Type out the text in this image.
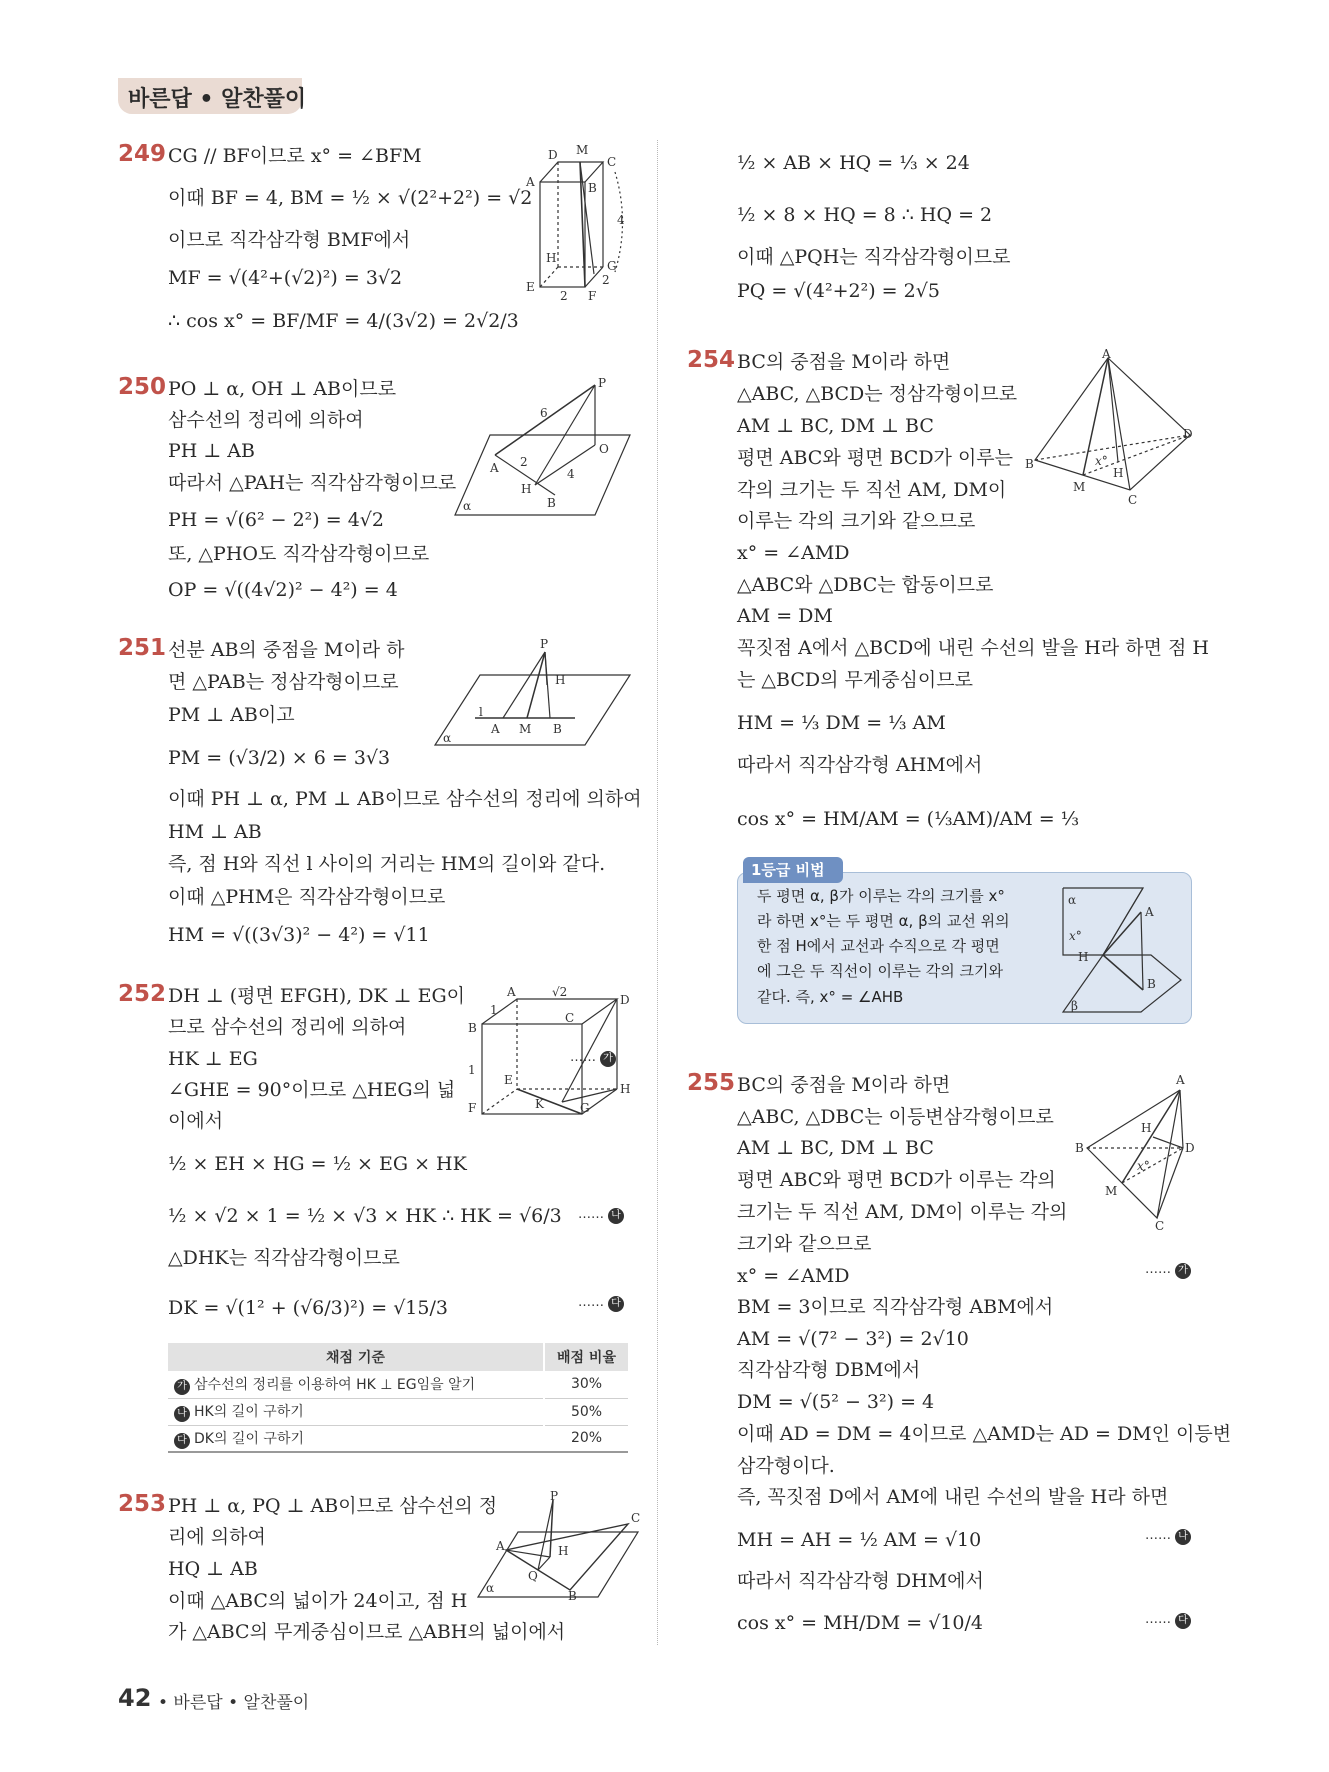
바른답 • 알찬풀이
249 CG // BF이므로 x° = ∠BFM
이때 BF = 4, BM = ½ × √(2²+2²) = √2
이므로 직각삼각형 BMF에서
MF = √(4²+(√2)²) = 3√2
∴ cos x° = BF/MF = 4/(3√2) = 2√2/3
D M
C
A	B
4
H
G
E
2 F
2
250 PO ⊥ α, OH ⊥ AB이므로
삼수선의 정리에 의하여
PH ⊥ AB
따라서 △PAH는 직각삼각형이므로
PH = √(6² − 2²) = 4√2
또, △PHO도 직각삼각형이므로
OP = √((4√2)² − 4²) = 4
P
6
A 2
O
4
H
B
α
251 선분 AB의 중점을 M이라 하
면 △PAB는 정삼각형이므로
PM ⊥ AB이고
PM = (√3/2) × 6 = 3√3
이때 PH ⊥ α, PM ⊥ AB이므로 삼수선의 정리에 의하여
HM ⊥ AB
즉, 점 H와 직선 l 사이의 거리는 HM의 길이와 같다.
이때 △PHM은 직각삼각형이므로
HM = √((3√3)² − 4²) = √11
P
H
l
A M B
α
252 DH ⊥ (평면 EFGH), DK ⊥ EG이
므로 삼수선의 정리에 의하여
HK ⊥ EG
∠GHE = 90°이므로 △HEG의 넓
이에서
½ × EH × HG = ½ × EG × HK
½ × √2 × 1 = ½ × √3 × HK ∴ HK = √6/3
△DHK는 직각삼각형이므로
DK = √(1² + (√6/3)²) = √15/3
…… 가
…… 나
…… 다
A	√2
D
1
B
C
1
E
H
K
F	G
채점 기준	배점 비율
가 삼수선의 정리를 이용하여 HK ⊥ EG임을 알기	30%
나 HK의 길이 구하기	50%
다 DK의 길이 구하기	20%
253 PH ⊥ α, PQ ⊥ AB이므로 삼수선의 정
리에 의하여
HQ ⊥ AB
이때 △ABC의 넓이가 24이고, 점 H
가 △ABC의 무게중심이므로 △ABH의 넓이에서
P
C
A	H
Q
B
α
½ × AB × HQ = ⅓ × 24
½ × 8 × HQ = 8 ∴ HQ = 2
이때 △PQH는 직각삼각형이므로
PQ = √(4²+2²) = 2√5
254 BC의 중점을 M이라 하면
△ABC, △BCD는 정삼각형이므로
AM ⊥ BC, DM ⊥ BC
평면 ABC와 평면 BCD가 이루는
각의 크기는 두 직선 AM, DM이
이루는 각의 크기와 같으므로
x° = ∠AMD
△ABC와 △DBC는 합동이므로
AM = DM
꼭짓점 A에서 △BCD에 내린 수선의 발을 H라 하면 점 H
는 △BCD의 무게중심이므로
HM = ⅓ DM = ⅓ AM
따라서 직각삼각형 AHM에서
cos x° = HM/AM = (⅓AM)/AM = ⅓
A
D
B	x°
H
M
C
1등급 비법
두 평면 α, β가 이루는 각의 크기를 x°
라 하면 x°는 두 평면 α, β의 교선 위의
한 점 H에서 교선과 수직으로 각 평면
에 그은 두 직선이 이루는 각의 크기와
같다. 즉, x° = ∠AHB
α
A
x°
H
B
β
255 BC의 중점을 M이라 하면
△ABC, △DBC는 이등변삼각형이므로
AM ⊥ BC, DM ⊥ BC
평면 ABC와 평면 BCD가 이루는 각의
크기는 두 직선 AM, DM이 이루는 각의
크기와 같으므로
x° = ∠AMD
BM = 3이므로 직각삼각형 ABM에서
AM = √(7² − 3²) = 2√10
직각삼각형 DBM에서
DM = √(5² − 3²) = 4
이때 AD = DM = 4이므로 △AMD는 AD = DM인 이등변
삼각형이다.
즉, 꼭짓점 D에서 AM에 내린 수선의 발을 H라 하면
MH = AH = ½ AM = √10
따라서 직각삼각형 DHM에서
cos x° = MH/DM = √10/4
…… 가
…… 나
…… 다
A
H
B	D
x°
M
C
42 • 바른답 • 알찬풀이
